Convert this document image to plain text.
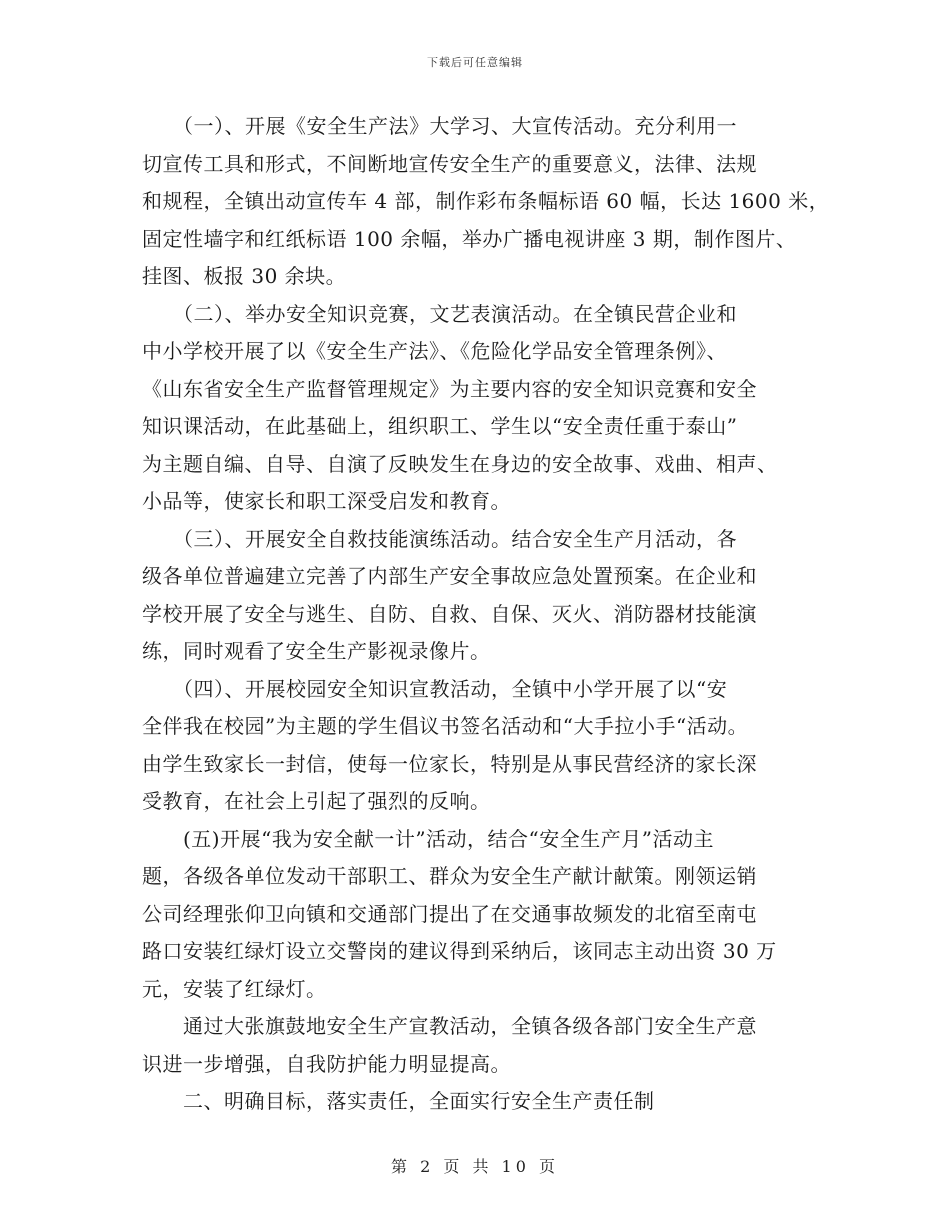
下载后可任意编辑

　　（一）、开展《安全生产法》大学习、大宣传活动。充分利用一
切宣传工具和形式，不间断地宣传安全生产的重要意义，法律、法规
和规程，全镇出动宣传车 4 部，制作彩布条幅标语 60 幅，长达 1600 米，
固定性墙字和红纸标语 100 余幅，举办广播电视讲座 3 期，制作图片、
挂图、板报 30 余块。

　　（二）、举办安全知识竞赛，文艺表演活动。在全镇民营企业和
中小学校开展了以《安全生产法》、《危险化学品安全管理条例》、
《山东省安全生产监督管理规定》为主要内容的安全知识竞赛和安全
知识课活动，在此基础上，组织职工、学生以“安全责任重于泰山”
为主题自编、自导、自演了反映发生在身边的安全故事、戏曲、相声、
小品等，使家长和职工深受启发和教育。

　　（三）、开展安全自救技能演练活动。结合安全生产月活动，各
级各单位普遍建立完善了内部生产安全事故应急处置预案。在企业和
学校开展了安全与逃生、自防、自救、自保、灭火、消防器材技能演
练，同时观看了安全生产影视录像片。

　　（四）、开展校园安全知识宣教活动，全镇中小学开展了以“安
全伴我在校园”为主题的学生倡议书签名活动和“大手拉小手“活动。
由学生致家长一封信，使每一位家长，特别是从事民营经济的家长深
受教育，在社会上引起了强烈的反响。

　　(五)开展“我为安全献一计”活动，结合“安全生产月”活动主
题，各级各单位发动干部职工、群众为安全生产献计献策。刚领运销
公司经理张仰卫向镇和交通部门提出了在交通事故频发的北宿至南屯
路口安装红绿灯设立交警岗的建议得到采纳后，该同志主动出资 30 万
元，安装了红绿灯。

　　通过大张旗鼓地安全生产宣教活动，全镇各级各部门安全生产意
识进一步增强，自我防护能力明显提高。

　　二、明确目标，落实责任，全面实行安全生产责任制

第 2 页 共 10 页
